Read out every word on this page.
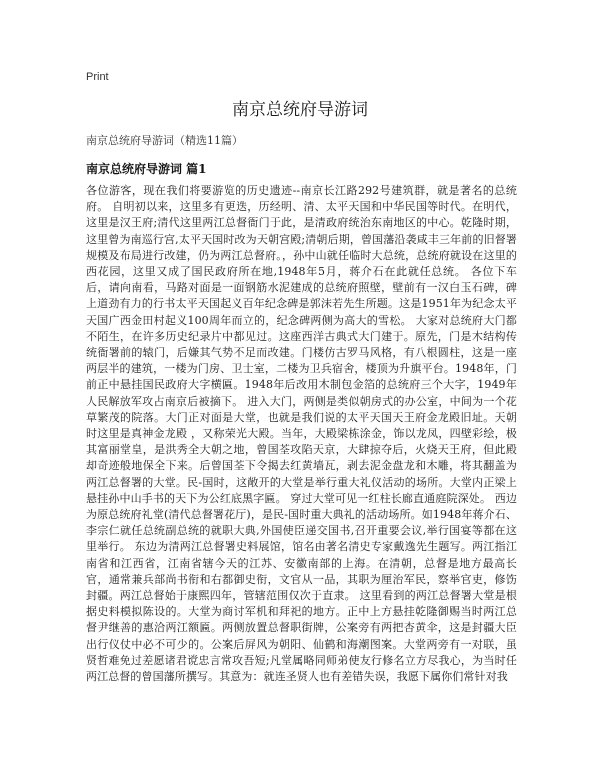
Print

南京总统府导游词

南京总统府导游词（精选11篇）

南京总统府导游词 篇1

各位游客，现在我们将要游览的历史遗迹--南京长江路292号建筑群，就是著名的总统府。 自明初以来，这里多有更迭，历经明、清、太平天国和中华民国等时代。在明代，这里是汉王府;清代这里两江总督衙门于此，是清政府统治东南地区的中心。乾隆时期，这里曾为南巡行宫,太平天国时改为天朝宫殿;清朝后期，曾国藩沿袭咸丰三年前的旧督署规模及布局进行改建，仍为两江总督府。，孙中山就任临时大总统，总统府就设在这里的西花园，这里又成了国民政府所在地,1948年5月，蒋介石在此就任总统。 各位下车后，请向南看，马路对面是一面钢筋水泥建成的总统府照壁，壁前有一汉白玉石碑，碑上道劲有力的行书太平天国起义百年纪念碑是郭沫若先生所题。这是1951年为纪念太平天国广西金田村起义100周年而立的，纪念碑两侧为高大的雪松。 大家对总统府大门都不陌生，在许多历史纪录片中都见过。这座西洋古典式大门建于。原先，门是木结构传统衙署前的辕门，后嫌其气势不足而改建。门楼仿古罗马风格，有八根圆柱，这是一座两层半的建筑，一楼为门房、卫士室，二楼为卫兵宿舍，楼顶为升旗平台。1948年，门前正中悬挂国民政府大字横匾。1948年后改用木制包金箔的总统府三个大字，1949年人民解放军攻占南京后被摘下。 进入大门，两侧是类似朝房式的办公室，中间为一个花草繁茂的院落。大门正对面是大堂，也就是我们说的太平天国天王府金龙殿旧址。天朝时这里是真神金龙殿 ，又称荣光大殿。当年，大殿梁栋涂金，饰以龙凤，四壁彩绘，极其富丽堂皇，是洪秀全大朝之地，曾国荃攻陷天京，大肆掠夺后，火烧天王府，但此殿却奇迹般地保全下来。后曾国荃下令揭去红黄墙瓦，剥去泥金盘龙和木雕，将其翻盖为两江总督署的大堂。民-国时，这敞开的大堂是举行重大礼仪活动的场所。大堂内正梁上悬挂孙中山手书的天下为公红底黑字匾。 穿过大堂可见一红柱长廊直通庭院深处。 西边为原总统府礼堂(清代总督署花厅)，是民-国时重大典礼的活动场所。如1948年蒋介石、李宗仁就任总统副总统的就职大典,外国使臣递交国书,召开重要会议,举行国宴等都在这里举行。 东边为清两江总督署史料展馆，馆名由著名清史专家戴逸先生题写。两江指江南省和江西省，江南省辖今天的江苏、安徽南部的上海。在清朝，总督是地方最高长官，通常兼兵部尚书衔和右都御史衔，文官从一品，其职为厘治军民，察举官吏，修饬封疆。两江总督始于康熙四年，管辖范围仅次于直隶。 这里看到的两江总督署大堂是根据史料模拟陈设的。大堂为商讨军机和拜祀的地方。正中上方悬挂乾隆御赐当时两江总督尹继善的惠洽两江额匾。两侧放置总督职街牌，公案旁有两把杏黄伞，这是封疆大臣出行仪仗中必不可少的。公案后屏风为朝阳、仙鹤和海潮图案。大堂两旁有一对联，虽贤哲难免过差愿诸君谠忠言常攻吾短;凡堂属略同师弟使友行修名立方尽我心，为当时任两江总督的曾国藩所撰写。其意为：就连圣贤人也有差错失误，我愿下属你们常针对我
